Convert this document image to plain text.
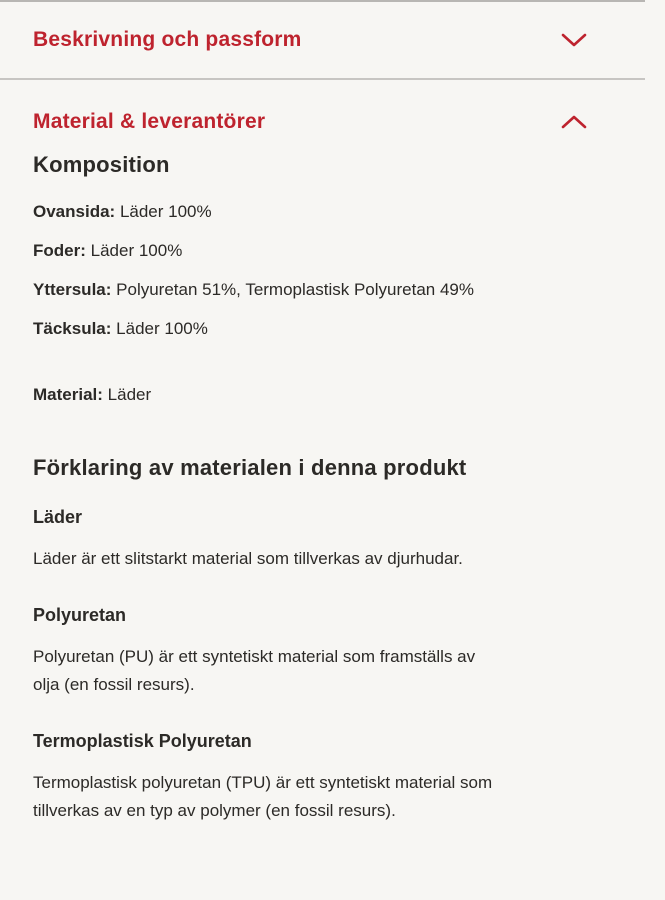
Beskrivning och passform
Material & leverantörer
Komposition

Ovansida: Läder 100%

Foder: Läder 100%

Yttersula: Polyuretan 51%, Termoplastisk Polyuretan 49%

Täcksula: Läder 100%

Material: Läder

Förklaring av materialen i denna produkt
Läder

Läder är ett slitstarkt material som tillverkas av djurhudar.

Polyuretan

Polyuretan (PU) är ett syntetiskt material som framställs av olja (en fossil resurs).

Termoplastisk Polyuretan

Termoplastisk polyuretan (TPU) är ett syntetiskt material som tillverkas av en typ av polymer (en fossil resurs).
